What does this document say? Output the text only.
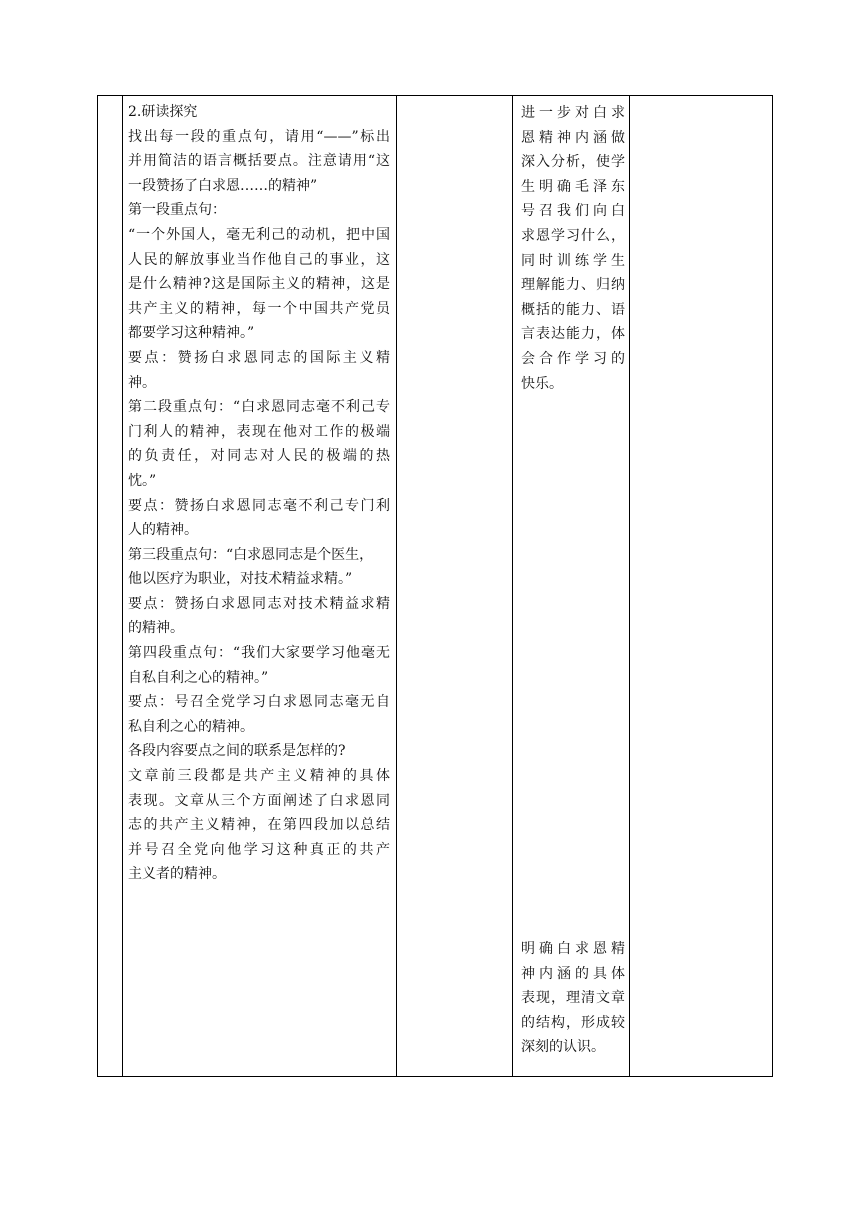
2.研读探究
找出每一段的重点句，请用“——”标出
并用简洁的语言概括要点。注意请用“这
一段赞扬了白求恩……的精神”
第一段重点句：
“一个外国人，毫无利己的动机，把中国
人民的解放事业当作他自己的事业，这
是什么精神?这是国际主义的精神，这是
共产主义的精神，每一个中国共产党员
都要学习这种精神。”
要点：赞扬白求恩同志的国际主义精
神。
第二段重点句：“白求恩同志毫不利己专
门利人的精神，表现在他对工作的极端
的负责任，对同志对人民的极端的热
忱。”
要点：赞扬白求恩同志毫不利己专门利
人的精神。
第三段重点句：“白求恩同志是个医生，
他以医疗为职业，对技术精益求精。”
要点：赞扬白求恩同志对技术精益求精
的精神。
第四段重点句：“我们大家要学习他毫无
自私自利之心的精神。”
要点：号召全党学习白求恩同志毫无自
私自利之心的精神。
各段内容要点之间的联系是怎样的?
文章前三段都是共产主义精神的具体
表现。文章从三个方面阐述了白求恩同
志的共产主义精神，在第四段加以总结
并号召全党向他学习这种真正的共产
主义者的精神。
进一步对白求
恩精神内涵做
深入分析，使学
生明确毛泽东
号召我们向白
求恩学习什么，
同时训练学生
理解能力、归纳
概括的能力、语
言表达能力，体
会合作学习的
快乐。
明确白求恩精
神内涵的具体
表现，理清文章
的结构，形成较
深刻的认识。
